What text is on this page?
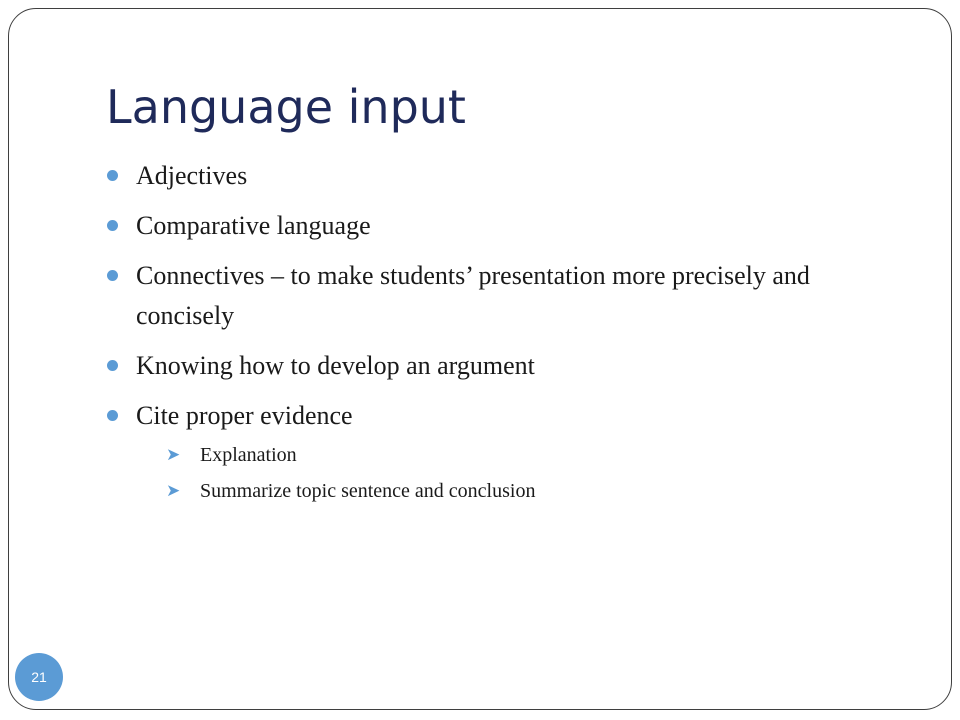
Language input
Adjectives
Comparative language
Connectives – to make students’ presentation more precisely and concisely
Knowing how to develop an argument
Cite proper evidence
➤ Explanation
➤ Summarize topic sentence and conclusion
21
